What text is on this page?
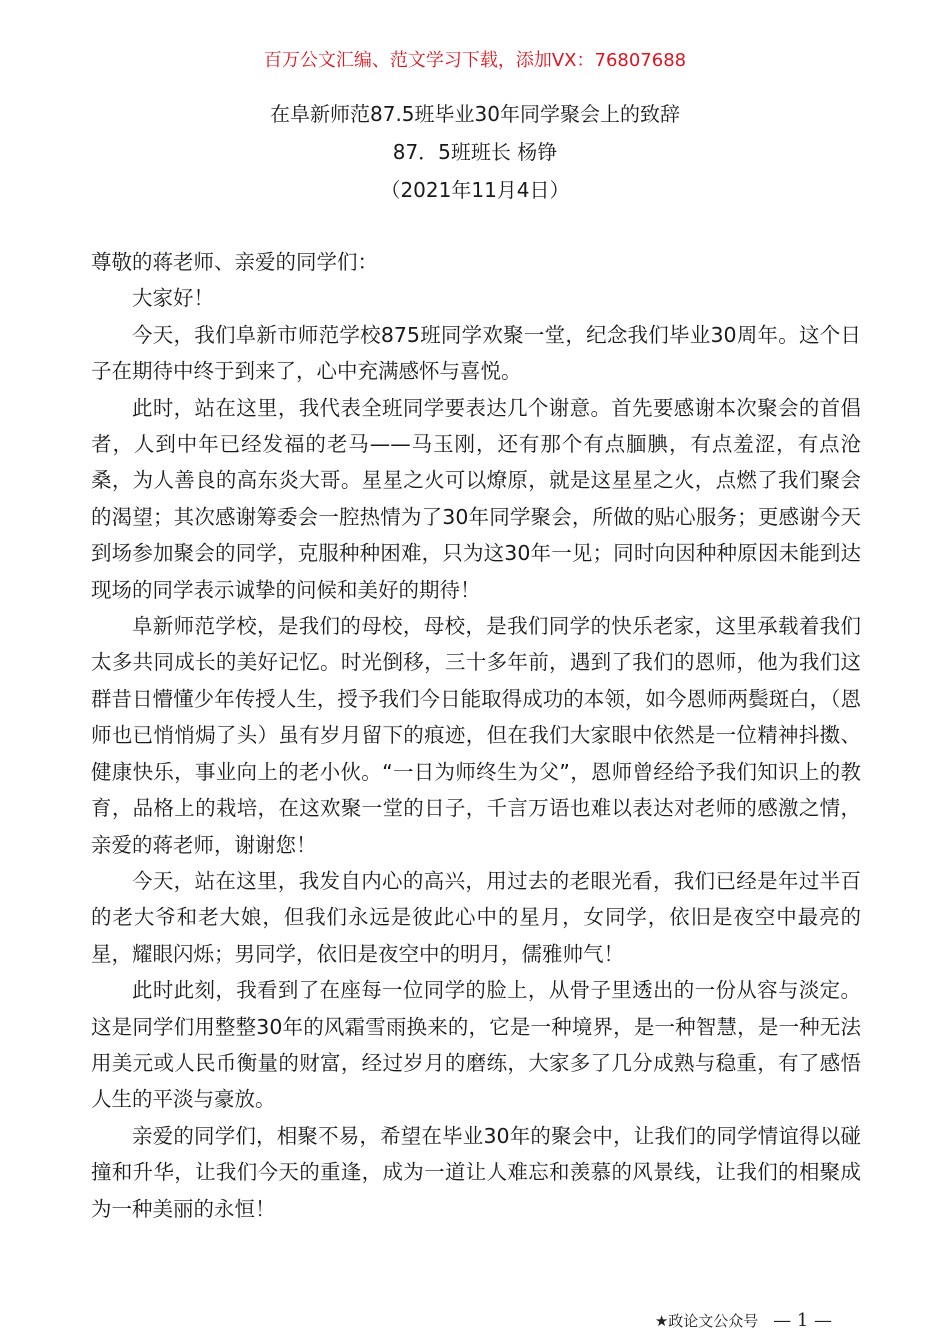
百万公文汇编、范文学习下载，添加VX：76807688
在阜新师范87.5班毕业30年同学聚会上的致辞
87．5班班长 杨铮
（2021年11月4日）

尊敬的蒋老师、亲爱的同学们：

大家好！

今天，我们阜新市师范学校875班同学欢聚一堂，纪念我们毕业30周年。这个日子在期待中终于到来了，心中充满感怀与喜悦。

此时，站在这里，我代表全班同学要表达几个谢意。首先要感谢本次聚会的首倡者，人到中年已经发福的老马——马玉刚，还有那个有点腼腆，有点羞涩，有点沧桑，为人善良的高东炎大哥。星星之火可以燎原，就是这星星之火，点燃了我们聚会的渴望；其次感谢筹委会一腔热情为了30年同学聚会，所做的贴心服务；更感谢今天到场参加聚会的同学，克服种种困难，只为这30年一见；同时向因种种原因未能到达现场的同学表示诚挚的问候和美好的期待！

阜新师范学校，是我们的母校，母校，是我们同学的快乐老家，这里承载着我们太多共同成长的美好记忆。时光倒移，三十多年前，遇到了我们的恩师，他为我们这群昔日懵懂少年传授人生，授予我们今日能取得成功的本领，如今恩师两鬓斑白，（恩师也已悄悄焗了头）虽有岁月留下的痕迹，但在我们大家眼中依然是一位精神抖擞、健康快乐，事业向上的老小伙。“一日为师终生为父”，恩师曾经给予我们知识上的教育，品格上的栽培，在这欢聚一堂的日子，千言万语也难以表达对老师的感激之情，亲爱的蒋老师，谢谢您！

今天，站在这里，我发自内心的高兴，用过去的老眼光看，我们已经是年过半百的老大爷和老大娘，但我们永远是彼此心中的星月，女同学，依旧是夜空中最亮的星，耀眼闪烁；男同学，依旧是夜空中的明月，儒雅帅气！

此时此刻，我看到了在座每一位同学的脸上，从骨子里透出的一份从容与淡定。这是同学们用整整30年的风霜雪雨换来的，它是一种境界，是一种智慧，是一种无法用美元或人民币衡量的财富，经过岁月的磨练，大家多了几分成熟与稳重，有了感悟人生的平淡与豪放。

亲爱的同学们，相聚不易，希望在毕业30年的聚会中，让我们的同学情谊得以碰撞和升华，让我们今天的重逢，成为一道让人难忘和羡慕的风景线，让我们的相聚成为一种美丽的永恒！

★政论文公众号 — 1 —
